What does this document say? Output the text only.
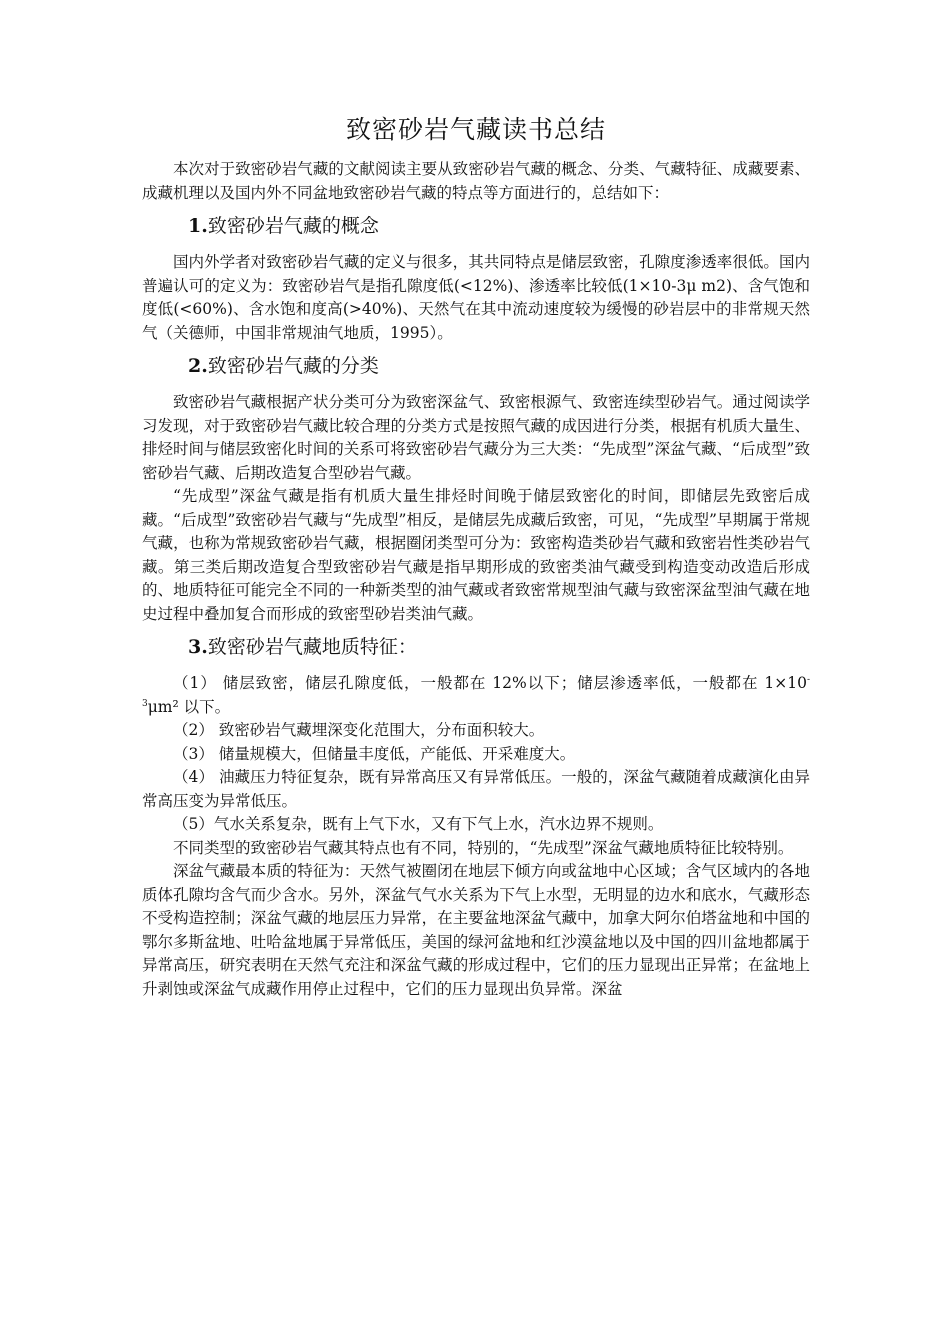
致密砂岩气藏读书总结

本次对于致密砂岩气藏的文献阅读主要从致密砂岩气藏的概念、分类、气藏特征、成藏要素、成藏机理以及国内外不同盆地致密砂岩气藏的特点等方面进行的，总结如下：

1.致密砂岩气藏的概念

国内外学者对致密砂岩气藏的定义与很多，其共同特点是储层致密，孔隙度渗透率很低。国内普遍认可的定义为：致密砂岩气是指孔隙度低(<12%)、渗透率比较低(1×10-3μ m2)、含气饱和度低(<60%)、含水饱和度高(>40%)、天然气在其中流动速度较为缓慢的砂岩层中的非常规天然气（关德师，中国非常规油气地质，1995）。

2.致密砂岩气藏的分类

致密砂岩气藏根据产状分类可分为致密深盆气、致密根源气、致密连续型砂岩气。通过阅读学习发现，对于致密砂岩气藏比较合理的分类方式是按照气藏的成因进行分类，根据有机质大量生、排烃时间与储层致密化时间的关系可将致密砂岩气藏分为三大类：“先成型”深盆气藏、“后成型”致密砂岩气藏、后期改造复合型砂岩气藏。

“先成型”深盆气藏是指有机质大量生排烃时间晚于储层致密化的时间，即储层先致密后成藏。“后成型”致密砂岩气藏与“先成型”相反，是储层先成藏后致密，可见，“先成型”早期属于常规气藏，也称为常规致密砂岩气藏，根据圈闭类型可分为：致密构造类砂岩气藏和致密岩性类砂岩气藏。第三类后期改造复合型致密砂岩气藏是指早期形成的致密类油气藏受到构造变动改造后形成的、地质特征可能完全不同的一种新类型的油气藏或者致密常规型油气藏与致密深盆型油气藏在地史过程中叠加复合而形成的致密型砂岩类油气藏。

3.致密砂岩气藏地质特征：

（1） 储层致密，储层孔隙度低，一般都在 12%以下；储层渗透率低，一般都在 $1\times 10^{-3}\mu m^2$ 以下。

（2） 致密砂岩气藏埋深变化范围大，分布面积较大。

（3） 储量规模大，但储量丰度低，产能低、开采难度大。

（4） 油藏压力特征复杂，既有异常高压又有异常低压。一般的，深盆气藏随着成藏演化由异常高压变为异常低压。

（5）气水关系复杂，既有上气下水，又有下气上水，汽水边界不规则。

不同类型的致密砂岩气藏其特点也有不同，特别的，“先成型”深盆气藏地质特征比较特别。

深盆气藏最本质的特征为：天然气被圈闭在地层下倾方向或盆地中心区域；含气区域内的各地质体孔隙均含气而少含水。另外，深盆气气水关系为下气上水型，无明显的边水和底水，气藏形态不受构造控制；深盆气藏的地层压力异常，在主要盆地深盆气藏中，加拿大阿尔伯塔盆地和中国的鄂尔多斯盆地、吐哈盆地属于异常低压，美国的绿河盆地和红沙漠盆地以及中国的四川盆地都属于异常高压，研究表明在天然气充注和深盆气藏的形成过程中，它们的压力显现出正异常；在盆地上升剥蚀或深盆气成藏作用停止过程中，它们的压力显现出负异常。深盆
